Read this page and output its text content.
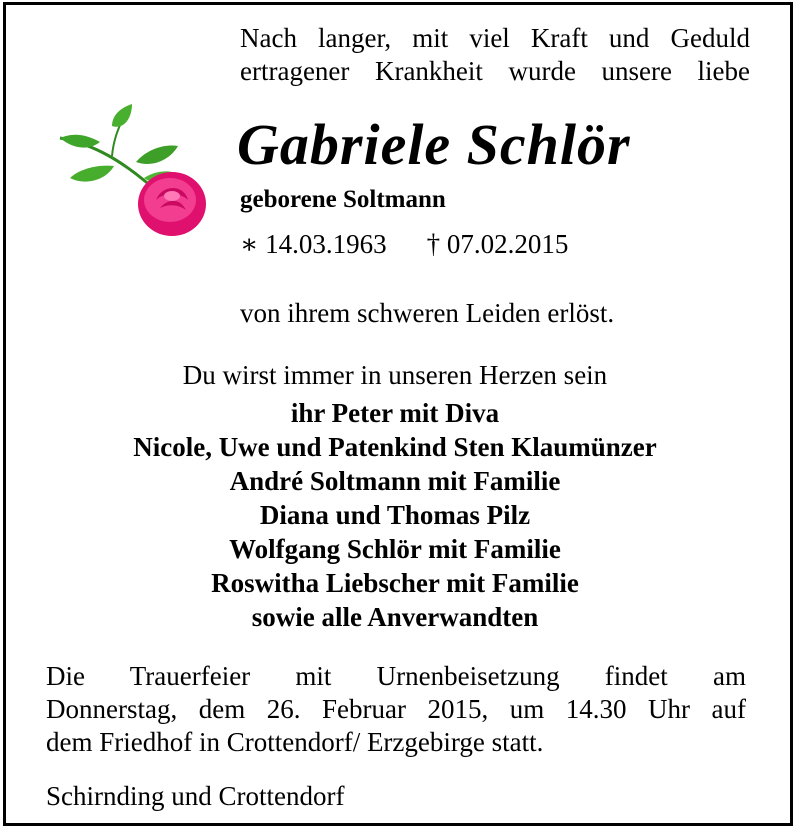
Nach langer, mit viel Kraft und Geduld
ertragener Krankheit wurde unsere liebe
Gabriele Schlör
geborene Soltmann
∗ 14.03.1963 † 07.02.2015
von ihrem schweren Leiden erlöst.
Du wirst immer in unseren Herzen sein
ihr Peter mit Diva
Nicole, Uwe und Patenkind Sten Klaumünzer
André Soltmann mit Familie
Diana und Thomas Pilz
Wolfgang Schlör mit Familie
Roswitha Liebscher mit Familie
sowie alle Anverwandten
Die Trauerfeier mit Urnenbeisetzung findet am
Donnerstag, dem 26. Februar 2015, um 14.30 Uhr auf
dem Friedhof in Crottendorf/ Erzgebirge statt.
Schirnding und Crottendorf
